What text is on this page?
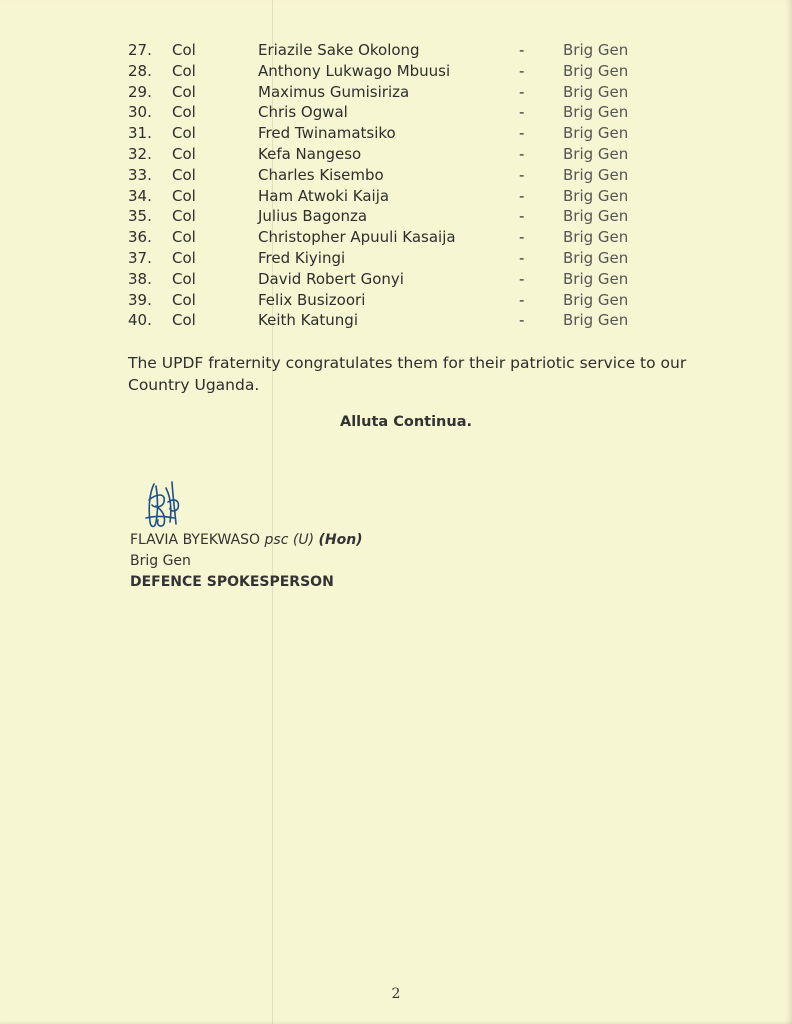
27. Col	Eriazile Sake Okolong	-	Brig Gen
28. Col	Anthony Lukwago Mbuusi	-	Brig Gen
29. Col	Maximus Gumisiriza	-	Brig Gen
30. Col	Chris Ogwal	-	Brig Gen
31. Col	Fred Twinamatsiko	-	Brig Gen
32. Col	Kefa Nangeso	-	Brig Gen
33. Col	Charles Kisembo	-	Brig Gen
34. Col	Ham Atwoki Kaija	-	Brig Gen
35. Col	Julius Bagonza	-	Brig Gen
36. Col	Christopher Apuuli Kasaija	-	Brig Gen
37. Col	Fred Kiyingi	-	Brig Gen
38. Col	David Robert Gonyi	-	Brig Gen
39. Col	Felix Busizoori	-	Brig Gen
40. Col	Keith Katungi	-	Brig Gen
The UPDF fraternity congratulates them for their patriotic service to our Country Uganda.
Alluta Continua.
FLAVIA BYEKWASO psc (U) (Hon)
Brig Gen
DEFENCE SPOKESPERSON
2
